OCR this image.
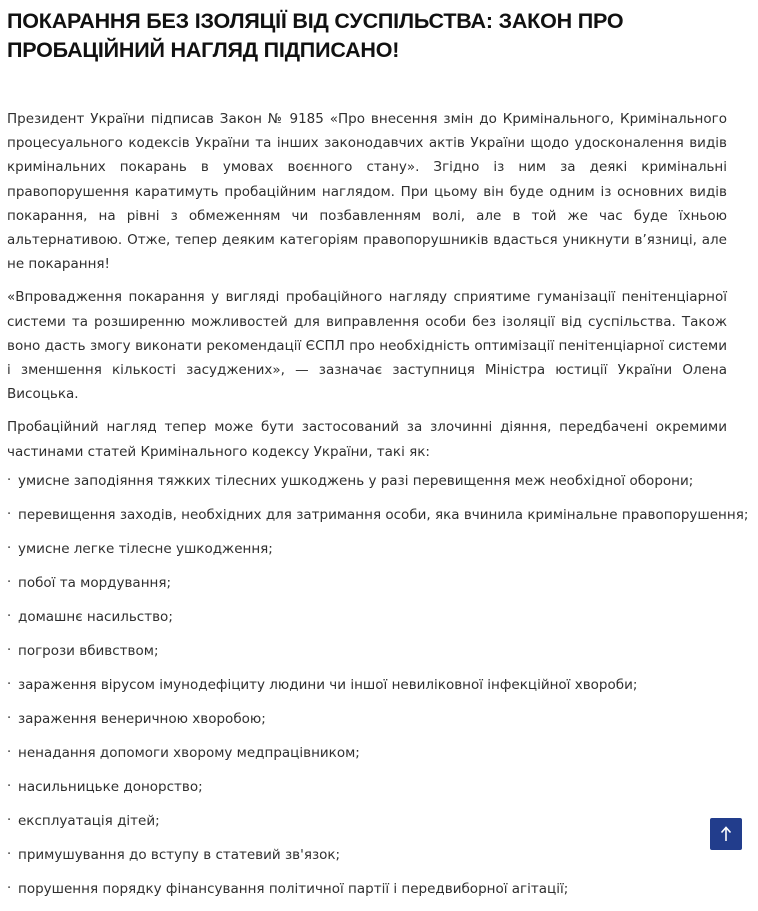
ПОКАРАННЯ БЕЗ ІЗОЛЯЦІЇ ВІД СУСПІЛЬСТВА: ЗАКОН ПРО ПРОБАЦІЙНИЙ НАГЛЯД ПІДПИСАНО!

Президент України підписав Закон № 9185 «Про внесення змін до Кримінального, Кримінального процесуального кодексів України та інших законодавчих актів України щодо удосконалення видів кримінальних покарань в умовах воєнного стану». Згідно із ним за деякі кримінальні правопорушення каратимуть пробаційним наглядом. При цьому він буде одним із основних видів покарання, на рівні з обмеженням чи позбавленням волі, але в той же час буде їхньою альтернативою. Отже, тепер деяким категоріям правопорушників вдасться уникнути в’язниці, але не покарання!

«Впровадження покарання у вигляді пробаційного нагляду сприятиме гуманізації пенітенціарної системи та розширенню можливостей для виправлення особи без ізоляції від суспільства. Також воно дасть змогу виконати рекомендації ЄСПЛ про необхідність оптимізації пенітенціарної системи і зменшення кількості засуджених», — зазначає заступниця Міністра юстиції України Олена Висоцька.

Пробаційний нагляд тепер може бути застосований за злочинні діяння, передбачені окремими частинами статей Кримінального кодексу України, такі як:

· умисне заподіяння тяжких тілесних ушкоджень у разі перевищення меж необхідної оборони;
· перевищення заходів, необхідних для затримання особи, яка вчинила кримінальне правопорушення;
· умисне легке тілесне ушкодження;
· побої та мордування;
· домашнє насильство;
· погрози вбивством;
· зараження вірусом імунодефіциту людини чи іншої невиліковної інфекційної хвороби;
· зараження венеричною хворобою;
· ненадання допомоги хворому медпрацівником;
· насильницьке донорство;
· експлуатація дітей;
· примушування до вступу в статевий зв'язок;
· порушення порядку фінансування політичної партії і передвиборної агітації;
